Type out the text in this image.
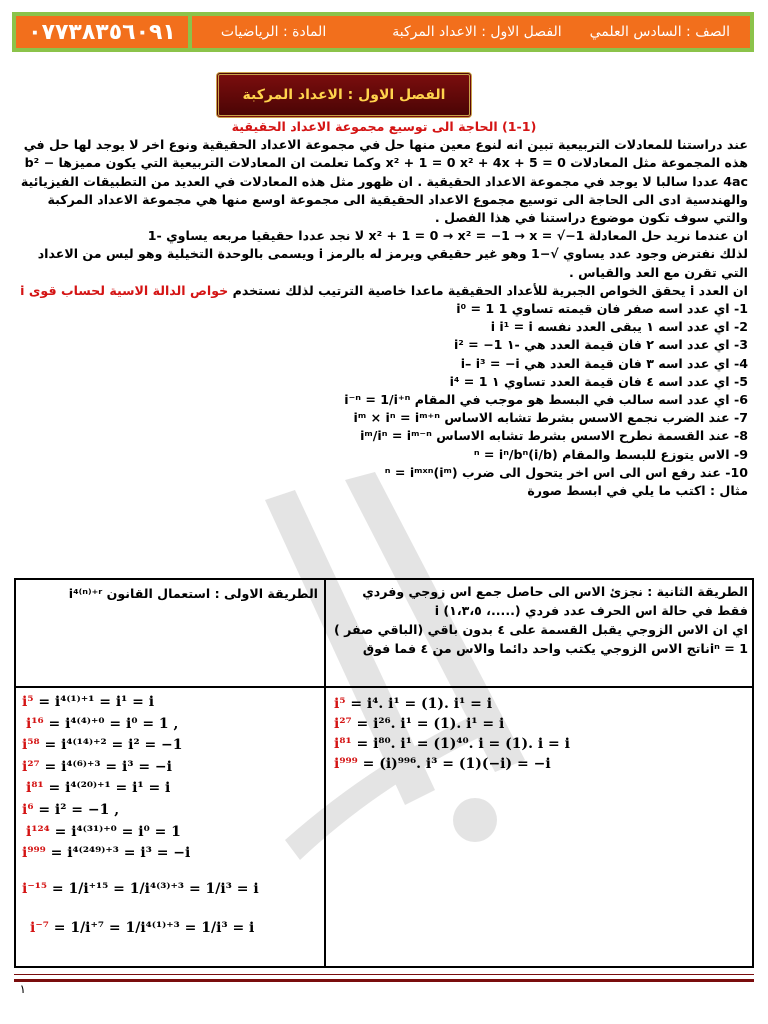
٠٧٧٣٨٣٥٦٠٩١	الصف : السادس العلمي
الفصل الاول : الاعداد المركبة
المادة : الرياضيات
الفصل الاول : الاعداد المركبة

(1-1) الحاجة الى توسيع مجموعة الاعداد الحقيقية

عند دراستنا للمعادلات التربيعية تبين انه لنوع معين منها حل في مجموعة الاعداد الحقيقية ونوع اخر لا يوجد لها حل في هذه المجموعة مثل المعادلات x² + 1 = 0 x² + 4x + 5 = 0 وكما تعلمت ان المعادلات التربيعية التي يكون مميزها b² − 4ac عددا سالبا لا يوجد في مجموعة الاعداد الحقيقية . ان ظهور مثل هذه المعادلات في العديد من التطبيقات الفيزيائية والهندسية ادى الى الحاجة الى توسيع مجموع الاعداد الحقيقية الى مجموعة اوسع منها هي مجموعة الاعداد المركبة والتي سوف تكون موضوع دراستنا في هذا الفصل .

ان عندما نريد حل المعادلة x² + 1 = 0 → x² = −1 → x = √−1 لا نجد عددا حقيقيا مربعه يساوي -1

لذلك نفترض وجود عدد يساوي √−1 وهو غير حقيقي ويرمز له بالرمز i ويسمى بالوحدة التخيلية وهو ليس من الاعداد التي تقرن مع العد والقياس .

ان العدد i يحقق الخواص الجبرية للأعداد الحقيقية ماعدا خاصية الترتيب لذلك نستخدم خواص الدالة الاسية لحساب قوى i

1- اي عدد اسه صفر فان قيمته تساوي 1 i⁰ = 1

2- اي عدد اسه ١ يبقى العدد نفسه i i¹ = i

3- اي عدد اسه ٢ فان قيمة العدد هي -١ i² = −1

4- اي عدد اسه ٣ فان قيمة العدد هي i– i³ = −i

5- اي عدد اسه ٤ فان قيمة العدد تساوي ١ i⁴ = 1

6- اي عدد اسه سالب في البسط هو موجب في المقام i⁻ⁿ = 1/i⁺ⁿ

7- عند الضرب نجمع الاسس بشرط تشابه الاساس iᵐ × iⁿ = iᵐ⁺ⁿ

8- عند القسمة نطرح الاسس بشرط تشابه الاساس iᵐ/iⁿ = iᵐ⁻ⁿ

9- الاس يتوزع للبسط والمقام (i/b)ⁿ = iⁿ/bⁿ

10- عند رفع اس الى اس اخر يتحول الى ضرب (iᵐ)ⁿ = iᵐˣⁿ

مثال : اكتب ما يلي في ابسط صورة

الطريقة الاولى : استعمال القانون i⁴⁽ⁿ⁾⁺ʳ	الطريقة الثانية : نجزئ الاس الى حاصل جمع اس زوجي وفردي
فقط في حالة اس الحرف عدد فردي (.....، ١،٣،٥) i
اي ان الاس الزوجي يقبل القسمة على ٤ بدون باقي (الباقي صفر )
1 = iⁿناتج الاس الزوجي يكتب واحد دائما والاس من ٤ فما فوق
i⁵ = i⁴⁽¹⁾⁺¹ = i¹ = i
i¹⁶ = i⁴⁽⁴⁾⁺⁰ = i⁰ = 1 ,
i⁵⁸ = i⁴⁽¹⁴⁾⁺² = i² = −1
i²⁷ = i⁴⁽⁶⁾⁺³ = i³ = −i
i⁸¹ = i⁴⁽²⁰⁾⁺¹ = i¹ = i
i⁶ = i² = −1 ,
i¹²⁴ = i⁴⁽³¹⁾⁺⁰ = i⁰ = 1
i⁹⁹⁹ = i⁴⁽²⁴⁹⁾⁺³ = i³ = −i
i⁻¹⁵ = 1/i⁺¹⁵ = 1/i⁴⁽³⁾⁺³ = 1/i³ = i
i⁻⁷ = 1/i⁺⁷ = 1/i⁴⁽¹⁾⁺³ = 1/i³ = i
i⁵ = i⁴. i¹ = (1). i¹ = i
i²⁷ = i²⁶. i¹ = (1). i¹ = i
i⁸¹ = i⁸⁰. i¹ = (1)⁴⁰. i = (1). i = i
i⁹⁹⁹ = (i)⁹⁹⁶. i³ = (1)(−i) = −i
١
